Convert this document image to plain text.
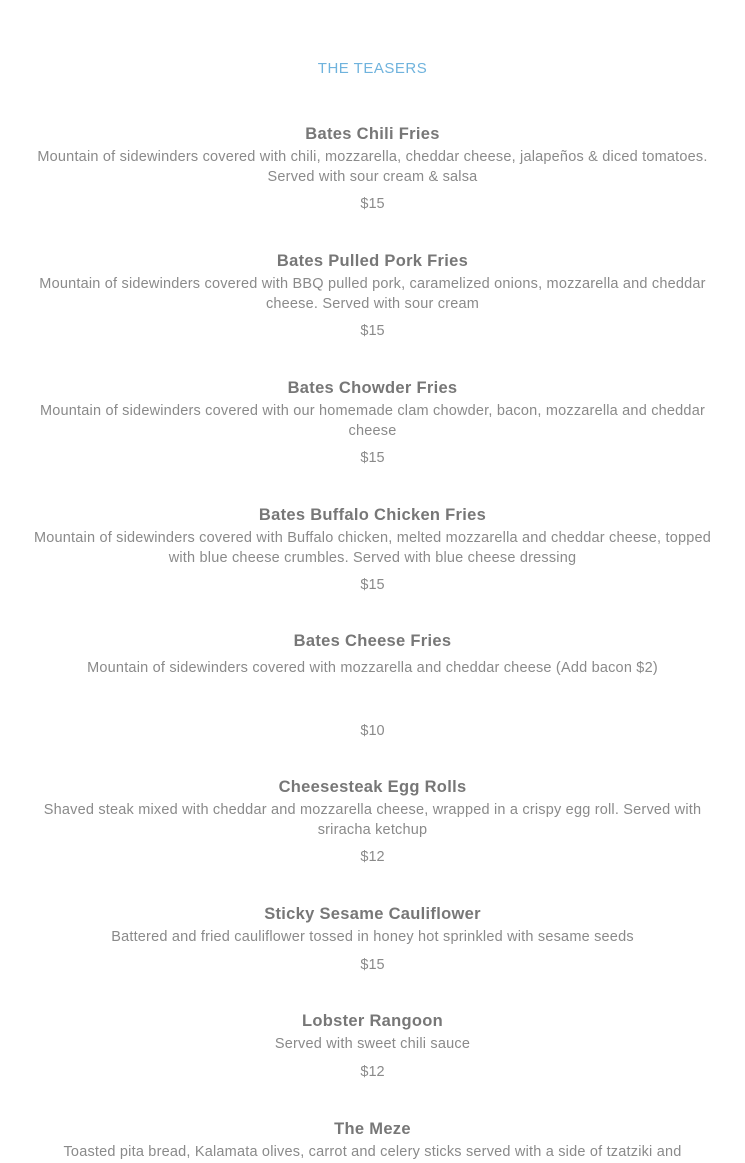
THE TEASERS
Bates Chili Fries
Mountain of sidewinders covered with chili, mozzarella, cheddar cheese, jalapeños & diced tomatoes. Served with sour cream & salsa
$15
Bates Pulled Pork Fries
Mountain of sidewinders covered with BBQ pulled pork, caramelized onions, mozzarella and cheddar cheese. Served with sour cream
$15
Bates Chowder Fries
Mountain of sidewinders covered with our homemade clam chowder, bacon, mozzarella and cheddar cheese
$15
Bates Buffalo Chicken Fries
Mountain of sidewinders covered with Buffalo chicken, melted mozzarella and cheddar cheese, topped with blue cheese crumbles. Served with blue cheese dressing
$15
Bates Cheese Fries
Mountain of sidewinders covered with mozzarella and cheddar cheese (Add bacon $2)
$10
Cheesesteak Egg Rolls
Shaved steak mixed with cheddar and mozzarella cheese, wrapped in a crispy egg roll. Served with sriracha ketchup
$12
Sticky Sesame Cauliflower
Battered and fried cauliflower tossed in honey hot sprinkled with sesame seeds
$15
Lobster Rangoon
Served with sweet chili sauce
$12
The Meze
Toasted pita bread, Kalamata olives, carrot and celery sticks served with a side of tzatziki and
